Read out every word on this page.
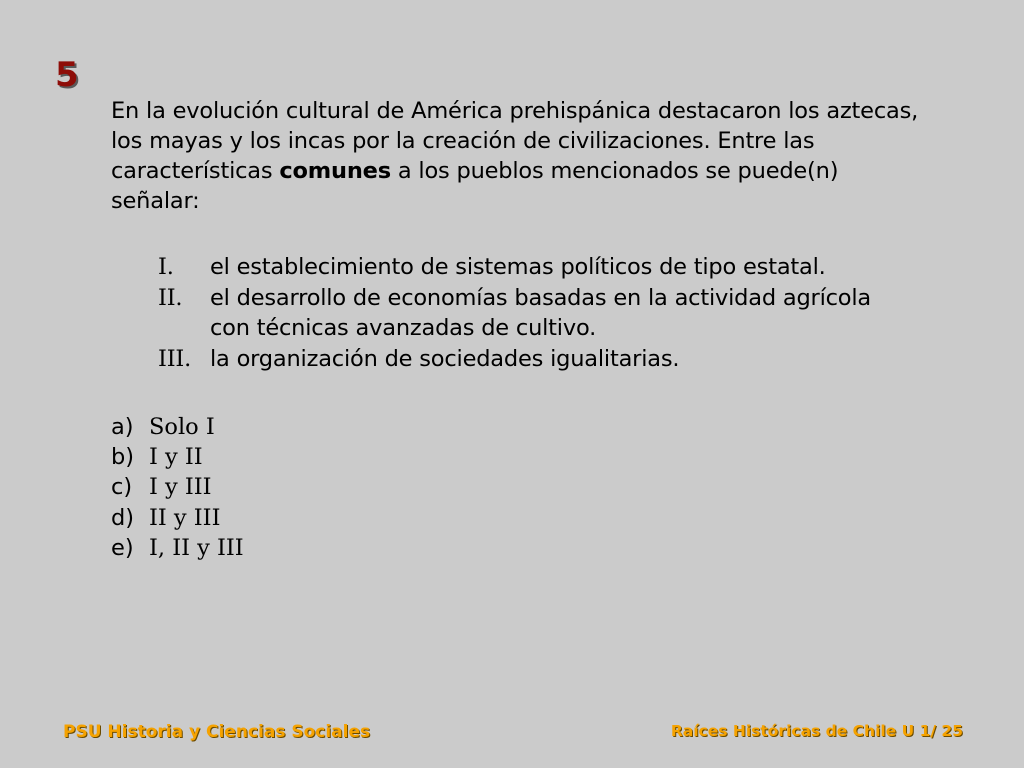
5
En la evolución cultural de América prehispánica destacaron los aztecas,
los mayas y los incas por la creación de civilizaciones. Entre las
características comunes a los pueblos mencionados se puede(n)
señalar:
I. el establecimiento de sistemas políticos de tipo estatal.
II. el desarrollo de economías basadas en la actividad agrícola
con técnicas avanzadas de cultivo.
III. la organización de sociedades igualitarias.
a) Solo I
b) I y II
c) I y III
d) II y III
e) I, II y III
PSU Historia y Ciencias Sociales	Raíces Históricas de Chile U 1/ 25
